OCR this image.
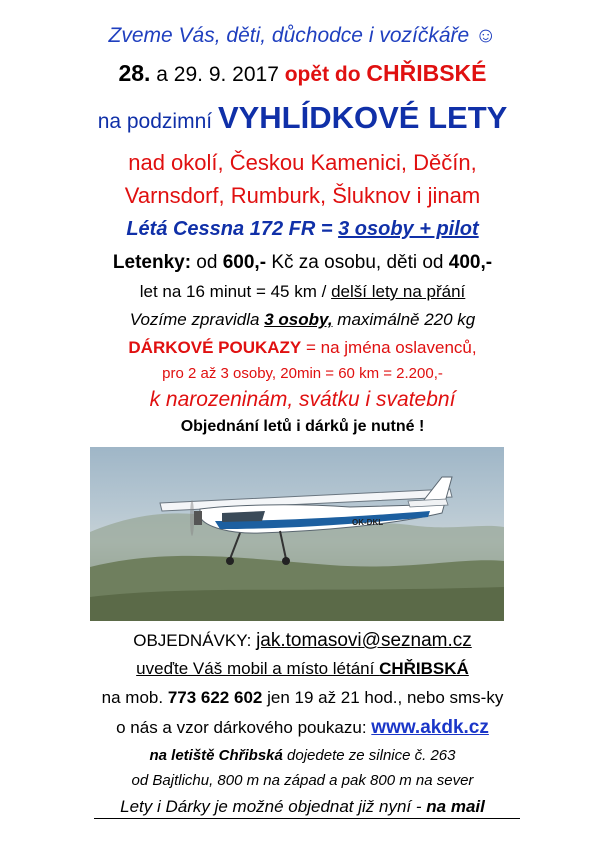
Zveme Vás, děti, důchodce i vozíčkáře ☺
28. a 29. 9. 2017 opět do CHŘIBSKÉ
na podzimní VYHLÍDKOVÉ LETY
nad okolí, Českou Kamenici, Děčín,
Varnsdorf, Rumburk, Šluknov i jinam
Létá Cessna 172 FR = 3 osoby + pilot
Letenky: od 600,- Kč za osobu, děti od 400,-
let na 16 minut = 45 km / delší lety na přání
Vozíme zpravidla 3 osoby, maximálně 220 kg
DÁRKOVÉ POUKAZY = na jména oslavenců,
pro 2 až 3 osoby, 20min = 60 km = 2.200,-
k narozeninám, svátku i svatební
Objednání letů i dárků je nutné !
OK-DKL
OBJEDNÁVKY: jak.tomasovi@seznam.cz
uveďte Váš mobil a místo létání CHŘIBSKÁ
na mob. 773 622 602 jen 19 až 21 hod., nebo sms-ky
o nás a vzor dárkového poukazu: www.akdk.cz
na letiště Chřibská dojedete ze silnice č. 263
od Bajtlichu, 800 m na západ a pak 800 m na sever
Lety i Dárky je možné objednat již nyní - na mail
